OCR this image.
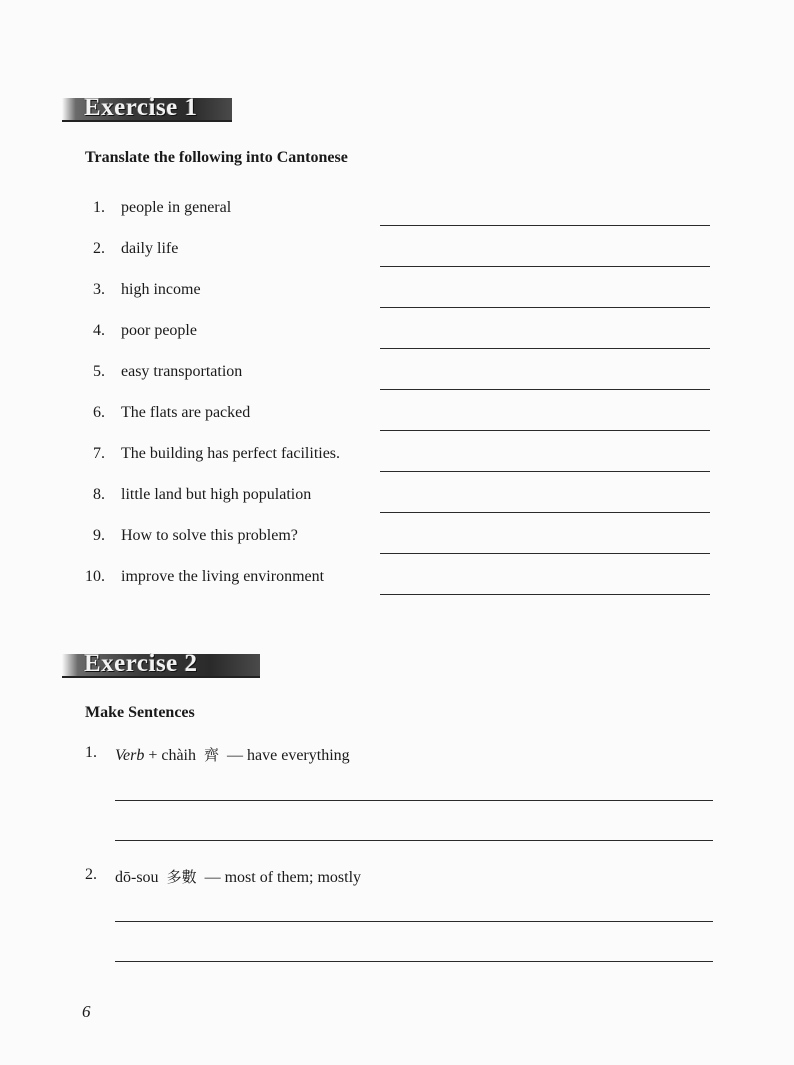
Exercise 1
Translate the following into Cantonese
1. people in general
2. daily life
3. high income
4. poor people
5. easy transportation
6. The flats are packed
7. The building has perfect facilities.
8. little land but high population
9. How to solve this problem?
10. improve the living environment
Exercise 2
Make Sentences
1. Verb + chàih 齊 — have everything
2. dō-sou 多數 — most of them; mostly
6
